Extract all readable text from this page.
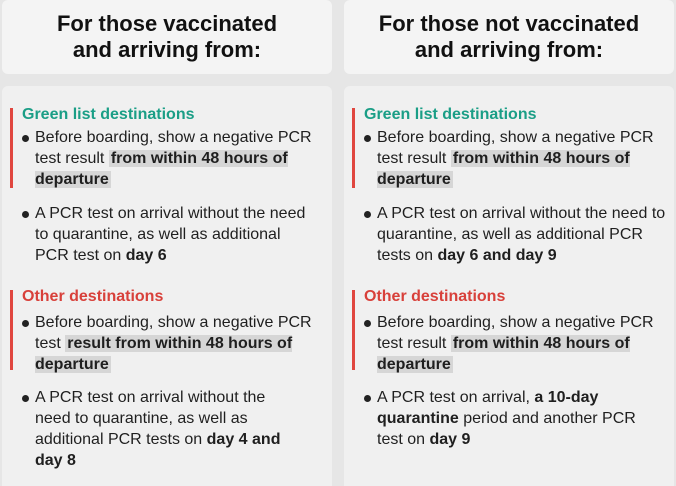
For those vaccinated
and arriving from:
Green list destinations
Before boarding, show a negative PCR test result from within 48 hours of departure
A PCR test on arrival without the need to quarantine, as well as additional PCR test on day 6
Other destinations
Before boarding, show a negative PCR test result from within 48 hours of departure
A PCR test on arrival without the need to quarantine, as well as additional PCR tests on day 4 and day 8
For those not vaccinated
and arriving from:
Green list destinations
Before boarding, show a negative PCR test result from within 48 hours of departure
A PCR test on arrival without the need to quarantine, as well as additional PCR tests on day 6 and day 9
Other destinations
Before boarding, show a negative PCR test result from within 48 hours of departure
A PCR test on arrival, a 10-day quarantine period and another PCR test on day 9
